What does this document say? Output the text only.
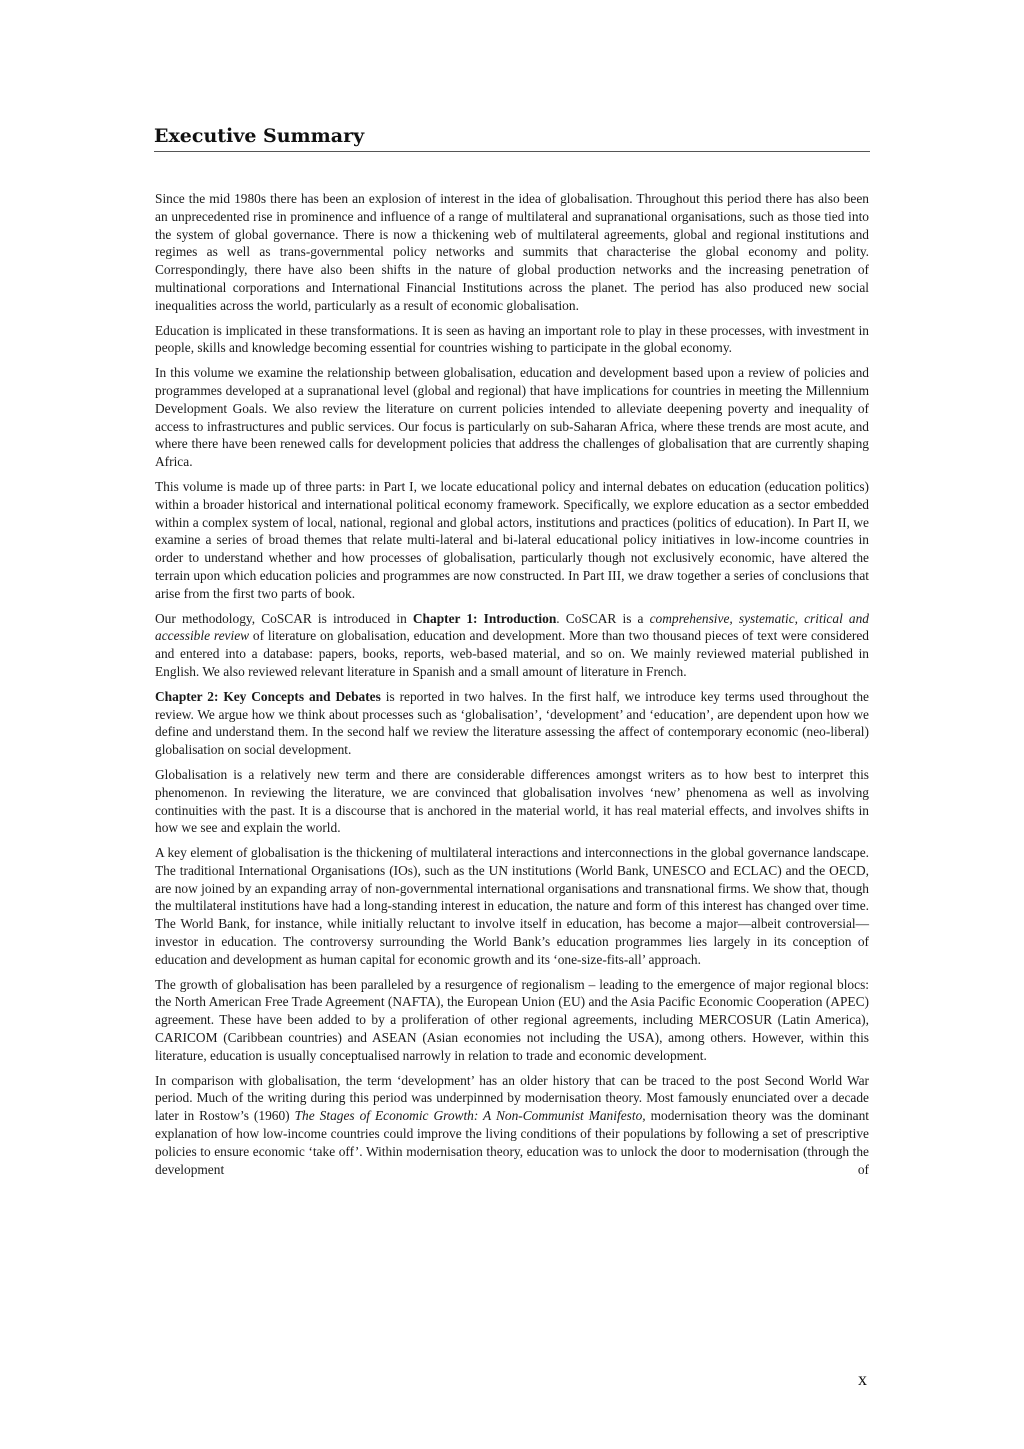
Executive Summary

Since the mid 1980s there has been an explosion of interest in the idea of globalisation. Throughout this period there has also been an unprecedented rise in prominence and influence of a range of multilateral and supranational organisations, such as those tied into the system of global governance. There is now a thickening web of multilateral agreements, global and regional institutions and regimes as well as trans-governmental policy networks and summits that characterise the global economy and polity. Correspondingly, there have also been shifts in the nature of global production networks and the increasing penetration of multinational corporations and International Financial Institutions across the planet. The period has also produced new social inequalities across the world, particularly as a result of economic globalisation.

Education is implicated in these transformations. It is seen as having an important role to play in these processes, with investment in people, skills and knowledge becoming essential for countries wishing to participate in the global economy.

In this volume we examine the relationship between globalisation, education and development based upon a review of policies and programmes developed at a supranational level (global and regional) that have implications for countries in meeting the Millennium Development Goals. We also review the literature on current policies intended to alleviate deepening poverty and inequality of access to infrastructures and public services. Our focus is particularly on sub-Saharan Africa, where these trends are most acute, and where there have been renewed calls for development policies that address the challenges of globalisation that are currently shaping Africa.

This volume is made up of three parts: in Part I, we locate educational policy and internal debates on education (education politics) within a broader historical and international political economy framework. Specifically, we explore education as a sector embedded within a complex system of local, national, regional and global actors, institutions and practices (politics of education). In Part II, we examine a series of broad themes that relate multi-lateral and bi-lateral educational policy initiatives in low-income countries in order to understand whether and how processes of globalisation, particularly though not exclusively economic, have altered the terrain upon which education policies and programmes are now constructed. In Part III, we draw together a series of conclusions that arise from the first two parts of book.

Our methodology, CoSCAR is introduced in Chapter 1: Introduction. CoSCAR is a comprehensive, systematic, critical and accessible review of literature on globalisation, education and development. More than two thousand pieces of text were considered and entered into a database: papers, books, reports, web-based material, and so on. We mainly reviewed material published in English. We also reviewed relevant literature in Spanish and a small amount of literature in French.

Chapter 2: Key Concepts and Debates is reported in two halves. In the first half, we introduce key terms used throughout the review. We argue how we think about processes such as ‘globalisation’, ‘development’ and ‘education’, are dependent upon how we define and understand them. In the second half we review the literature assessing the affect of contemporary economic (neo-liberal) globalisation on social development.

Globalisation is a relatively new term and there are considerable differences amongst writers as to how best to interpret this phenomenon. In reviewing the literature, we are convinced that globalisation involves ‘new’ phenomena as well as involving continuities with the past. It is a discourse that is anchored in the material world, it has real material effects, and involves shifts in how we see and explain the world.

A key element of globalisation is the thickening of multilateral interactions and interconnections in the global governance landscape. The traditional International Organisations (IOs), such as the UN institutions (World Bank, UNESCO and ECLAC) and the OECD, are now joined by an expanding array of non-governmental international organisations and transnational firms. We show that, though the multilateral institutions have had a long-standing interest in education, the nature and form of this interest has changed over time. The World Bank, for instance, while initially reluctant to involve itself in education, has become a major—albeit controversial—investor in education. The controversy surrounding the World Bank’s education programmes lies largely in its conception of education and development as human capital for economic growth and its ‘one-size-fits-all’ approach.

The growth of globalisation has been paralleled by a resurgence of regionalism – leading to the emergence of major regional blocs: the North American Free Trade Agreement (NAFTA), the European Union (EU) and the Asia Pacific Economic Cooperation (APEC) agreement. These have been added to by a proliferation of other regional agreements, including MERCOSUR (Latin America), CARICOM (Caribbean countries) and ASEAN (Asian economies not including the USA), among others. However, within this literature, education is usually conceptualised narrowly in relation to trade and economic development.

In comparison with globalisation, the term ‘development’ has an older history that can be traced to the post Second World War period. Much of the writing during this period was underpinned by modernisation theory. Most famously enunciated over a decade later in Rostow’s (1960) The Stages of Economic Growth: A Non-Communist Manifesto, modernisation theory was the dominant explanation of how low-income countries could improve the living conditions of their populations by following a set of prescriptive policies to ensure economic ‘take off’. Within modernisation theory, education was to unlock the door to modernisation (through the development of

x
